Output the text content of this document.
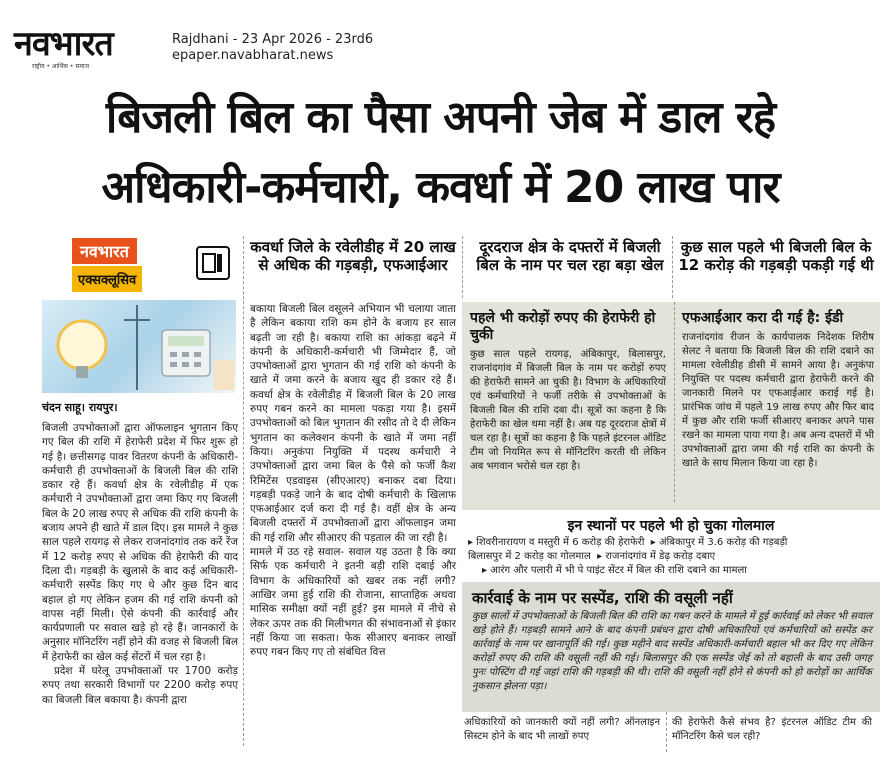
नवभारत
राष्ट्रीय • आर्थिक • समाज
Rajdhani - 23 Apr 2026 - 23rd6
epaper.navabharat.news
बिजली बिल का पैसा अपनी जेब में डाल रहे
अधिकारी-कर्मचारी, कवर्धा में 20 लाख पार
नवभारत
एक्सक्लूसिव
कवर्धा जिले के रवेलीडीह में 20 लाख से अधिक की गड़बड़ी, एफआईआर
दूरदराज क्षेत्र के दफ्तरों में बिजली बिल के नाम पर चल रहा बड़ा खेल
कुछ साल पहले भी बिजली बिल के 12 करोड़ की गड़बड़ी पकड़ी गई थी
चंदन साहू। रायपुर।
बिजली उपभोक्ताओं द्वारा ऑफलाइन भुगतान किए गए बिल की राशि में हेराफेरी प्रदेश में फिर शुरू हो गई है। छत्तीसगढ़ पावर वितरण कंपनी के अधिकारी-कर्मचारी ही उपभोक्ताओं के बिजली बिल की राशि डकार रहे हैं। कवर्धा क्षेत्र के रवेलीडीह में एक कर्मचारी ने उपभोक्ताओं द्वारा जमा किए गए बिजली बिल के 20 लाख रुपए से अधिक की राशि कंपनी के बजाय अपने ही खाते में डाल दिए। इस मामले ने कुछ साल पहले रायगढ़ से लेकर राजनांदगांव तक करें रेंज में 12 करोड़ रुपए से अधिक की हेराफेरी की याद दिला दी। गड़बड़ी के खुलासे के बाद कई अधिकारी-कर्मचारी सस्पेंड किए गए थे और कुछ दिन बाद बहाल हो गए लेकिन हजम की गई राशि कंपनी को वापस नहीं मिली। ऐसे कंपनी की कार्रवाई और कार्यप्रणाली पर सवाल खड़े हो रहे हैं। जानकारों के अनुसार मॉनिटरिंग नहीं होने की वजह से बिजली बिल में हेराफेरी का खेल कई सेंटरों में चल रहा है।
प्रदेश में घरेलू उपभोक्ताओं पर 1700 करोड़ रुपए तथा सरकारी विभागों पर 2200 करोड़ रुपए का बिजली बिल बकाया है। कंपनी द्वारा
बकाया बिजली बिल वसूलने अभियान भी चलाया जाता है लेकिन बकाया राशि कम होने के बजाय हर साल बढ़ती जा रही है। बकाया राशि का आंकड़ा बढ़ने में कंपनी के अधिकारी-कर्मचारी भी जिम्मेदार हैं, जो उपभोक्ताओं द्वारा भुगतान की गई राशि को कंपनी के खाते में जमा करने के बजाय खुद ही डकार रहे हैं। कवर्धा क्षेत्र के रवेलीडीह में बिजली बिल के 20 लाख रुपए गबन करने का मामला पकड़ा गया है। इसमें उपभोक्ताओं को बिल भुगतान की रसीद तो दे दी लेकिन भुगतान का कलेक्शन कंपनी के खाते में जमा नहीं किया। अनुकंपा नियुक्ति में पदस्थ कर्मचारी ने उपभोक्ताओं द्वारा जमा बिल के पैसे को फर्जी कैश रिमिटेंस एडवाइस (सीएआरए) बनाकर दबा दिया। गड़बड़ी पकड़े जाने के बाद दोषी कर्मचारी के खिलाफ एफआईआर दर्ज करा दी गई है। वहीं क्षेत्र के अन्य बिजली दफ्तरों में उपभोक्ताओं द्वारा ऑफलाइन जमा की गई राशि और सीआरए की पड़ताल की जा रही है।
मामले में उठ रहे सवाल- सवाल यह उठता है कि क्या सिर्फ एक कर्मचारी ने इतनी बड़ी राशि दबाई और विभाग के अधिकारियों को खबर तक नहीं लगी? आखिर जमा हुई राशि की रोजाना, साप्ताहिक अथवा मासिक समीक्षा क्यों नहीं हुई? इस मामले में नीचे से लेकर ऊपर तक की मिलीभगत की संभावनाओं से इंकार नहीं किया जा सकता। फेक सीआरए बनाकर लाखों रुपए गबन किए गए तो संबंधित वित्त
पहले भी करोड़ों रुपए की हेराफेरी हो चुकी
कुछ साल पहले रायगढ़, अंबिकापुर, बिलासपुर, राजनांदगांव में बिजली बिल के नाम पर करोड़ों रुपए की हेराफेरी सामने आ चुकी है। विभाग के अधिकारियों एवं कर्मचारियों ने फर्जी तरीके से उपभोक्ताओं के बिजली बिल की राशि दबा दी। सूत्रों का कहना है कि हेराफेरी का खेल थमा नहीं है। अब यह दूरदराज क्षेत्रों में चल रहा है। सूत्रों का कहना है कि पहले इंटरनल ऑडिट टीम जो नियमित रूप से मॉनिटरिंग करती थी लेकिन अब भगवान भरोसे चल रहा है।
एफआईआर करा दी गई है: ईडी
राजनांदगांव रीजन के कार्यपालक निदेशक शिरीष सेलट ने बताया कि बिजली बिल की राशि दबाने का मामला रवेलीडीह डीसी में सामने आया है। अनुकंपा नियुक्ति पर पदस्थ कर्मचारी द्वारा हेराफेरी करने की जानकारी मिलने पर एफआईआर कराई गई है। प्रारंभिक जांच में पहले 19 लाख रुपए और फिर बाद में कुछ और राशि फर्जी सीआरए बनाकर अपने पास रखने का मामला पाया गया है। अब अन्य दफ्तरों में भी उपभोक्ताओं द्वारा जमा की गई राशि का कंपनी के खाते के साथ मिलान किया जा रहा है।
इन स्थानों पर पहले भी हो चुका गोलमाल
▸ शिवरीनारायण व मस्तुरी में 6 करोड़ की हेराफेरी  ▸ अंबिकापुर में 3.6 करोड़ की गड़बड़ी
बिलासपुर में 2 करोड़ का गोलमाल  ▸ राजनांदगांव में डेढ़ करोड़ दबाए
▸ आरंग और पलारी में भी पे पाइंट सेंटर में बिल की राशि दबाने का मामला
कार्रवाई के नाम पर सस्पेंड, राशि की वसूली नहीं
कुछ सालों में उपभोक्ताओं के बिजली बिल की राशि का गबन करने के मामले में हुई कार्रवाई को लेकर भी सवाल खड़े होते हैं। गड़बड़ी सामने आने के बाद कंपनी प्रबंधन द्वारा दोषी अधिकारियों एवं कर्मचारियों को सस्पेंड कर कार्रवाई के नाम पर खानापूर्ति की गई। कुछ महीने बाद सस्पेंड अधिकारी-कर्मचारी बहाल भी कर दिए गए लेकिन करोड़ों रुपए की राशि की वसूली नहीं की गई। बिलासपुर की एक सस्पेंड जेई को तो बहाली के बाद उसी जगह पुनः पोस्टिंग दी गई जहां राशि की गड़बड़ी की थी। राशि की वसूली नहीं होने से कंपनी को हो करोड़ों का आर्थिक नुकसान झेलना पड़ा।
अधिकारियों को जानकारी क्यों नहीं लगी? ऑनलाइन सिस्टम होने के बाद भी लाखों रुपए
की हेराफेरी कैसे संभव है? इंटरनल ऑडिट टीम की मॉनिटरिंग कैसे चल रही?
